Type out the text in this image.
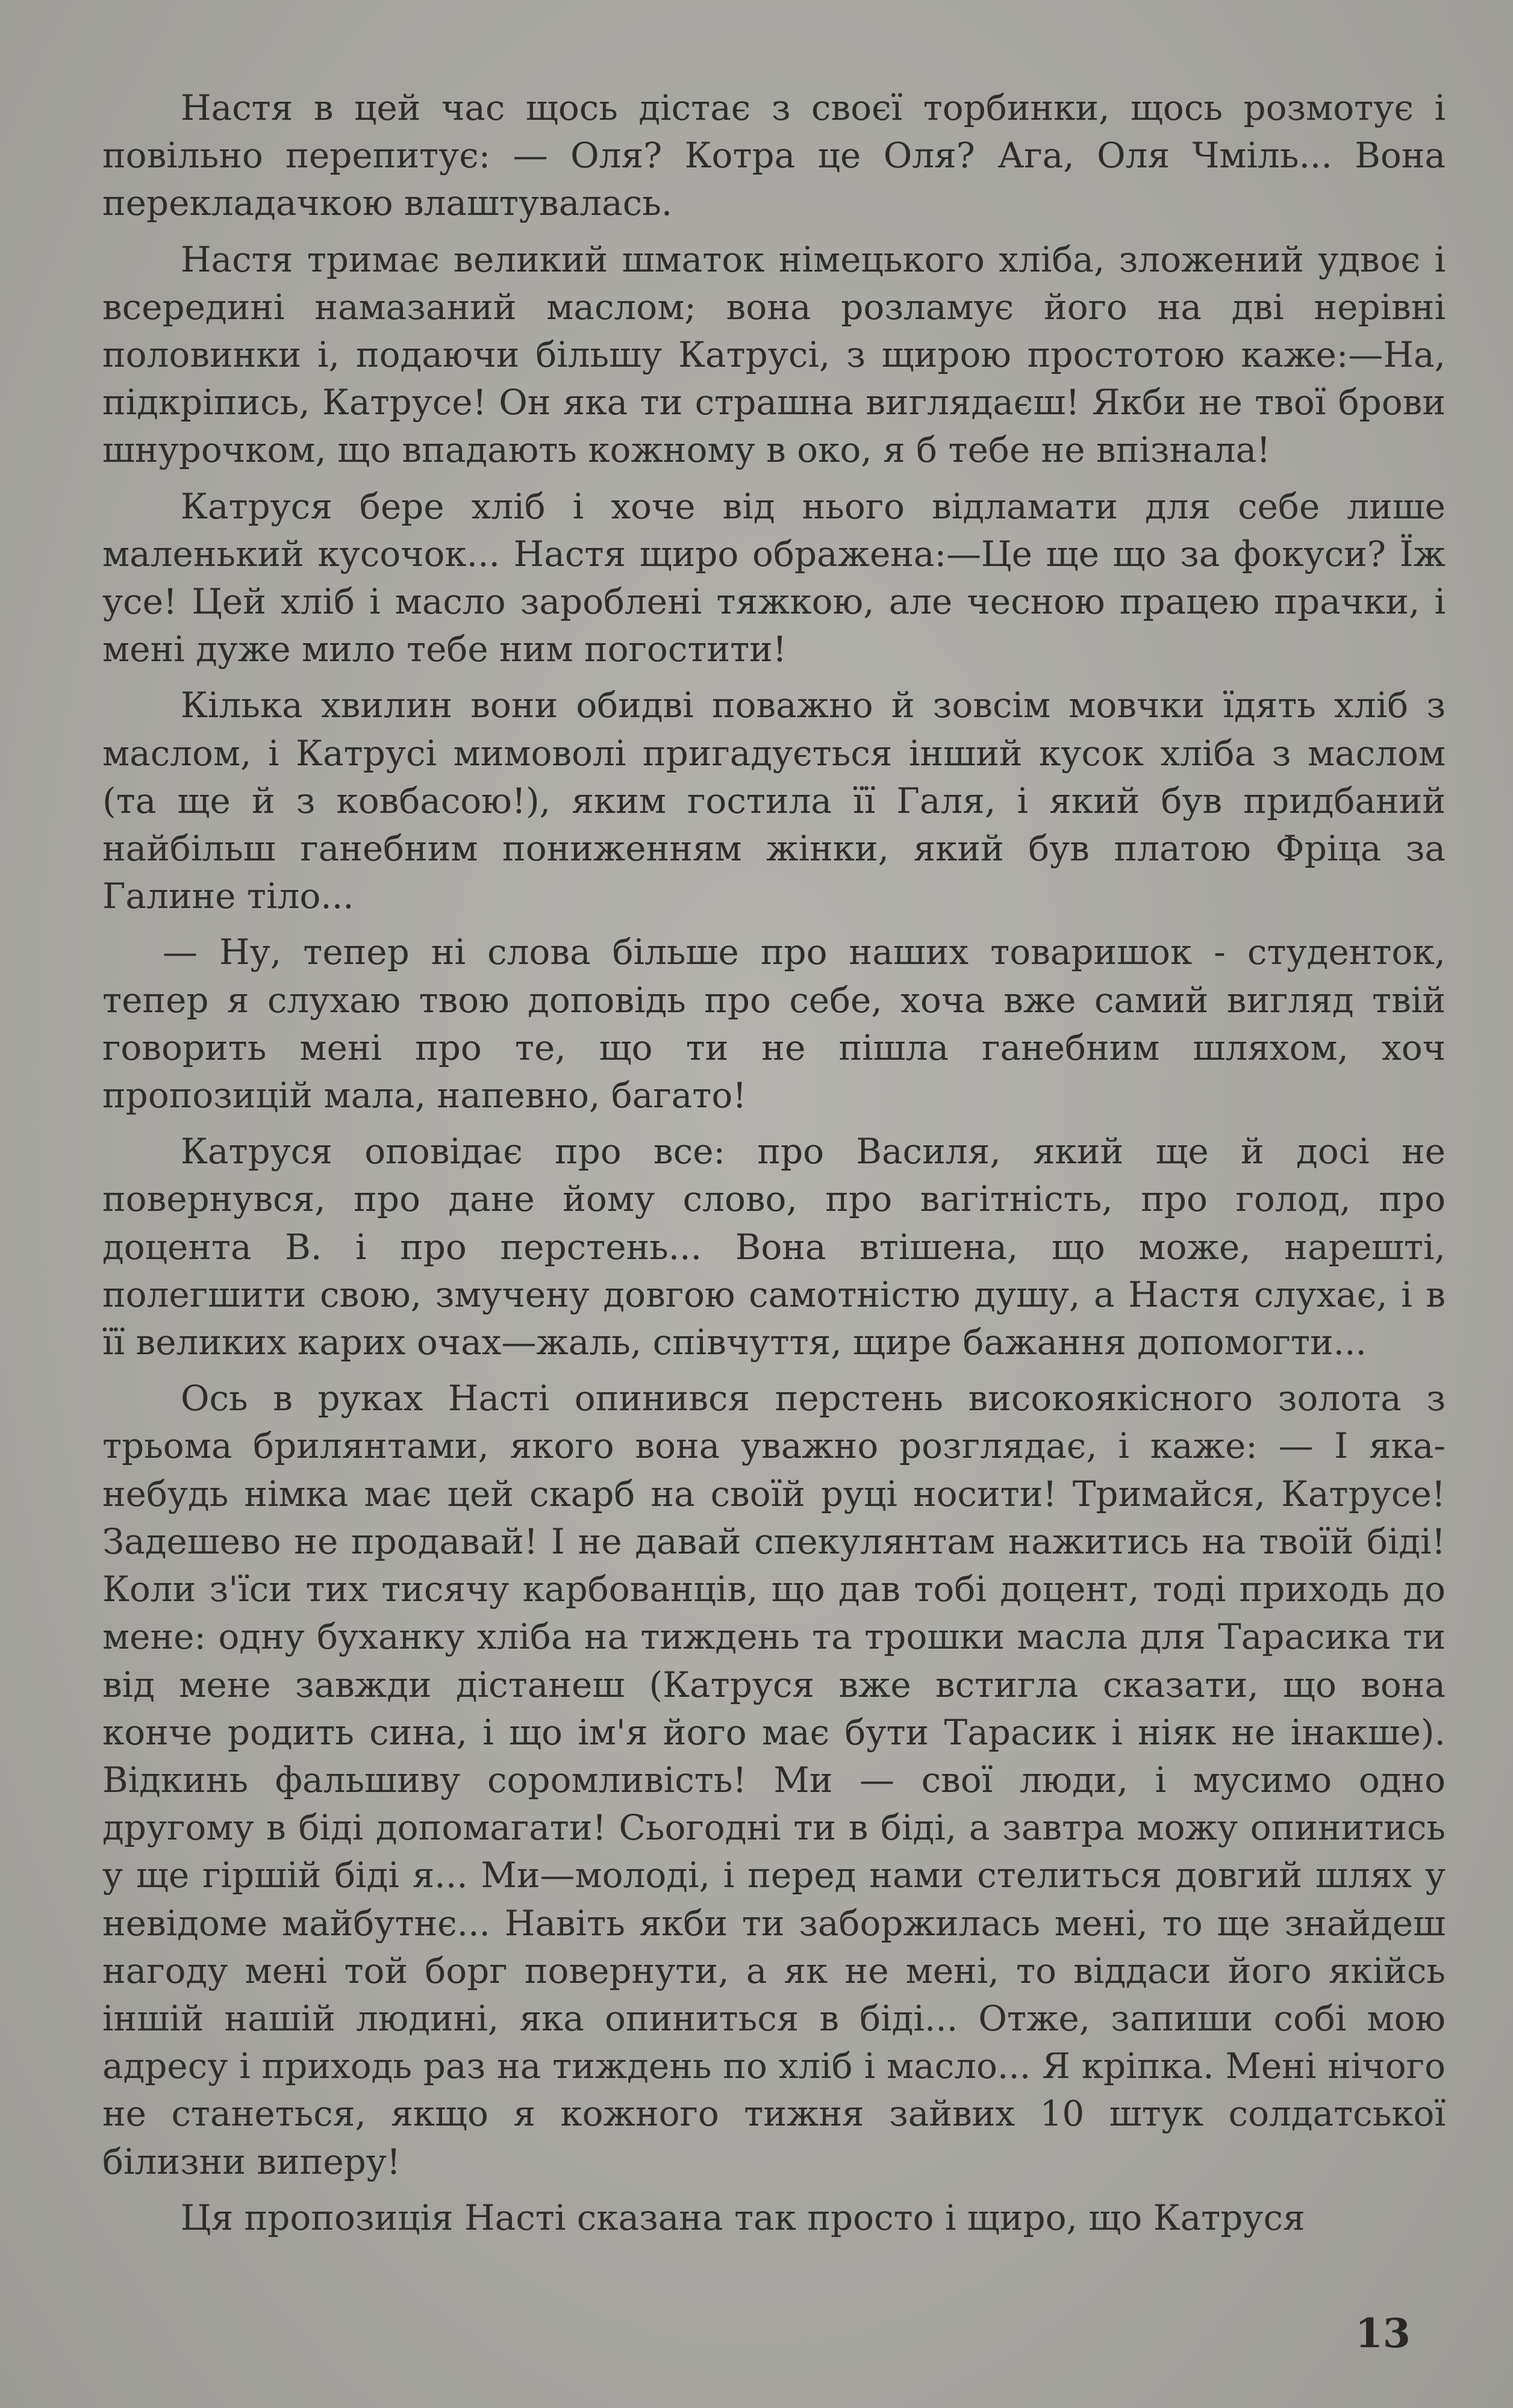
Настя в цей час щось дістає з своєї торбинки, щось розмотує і повільно перепитує: — Оля? Котра це Оля? Ага, Оля Чміль... Вона перекладачкою влаштувалась.

Настя тримає великий шматок німецького хліба, зложений удвоє і всередині намазаний маслом; вона розламує його на дві нерівні половинки і, подаючи більшу Катрусі, з щирою простотою каже:—На, підкріпись, Катрусе! Он яка ти страшна виглядаєш! Якби не твої брови шнурочком, що впадають кожному в око, я б тебе не впізнала!

Катруся бере хліб і хоче від нього відламати для себе лише маленький кусочок... Настя щиро ображена:—Це ще що за фокуси? Їж усе! Цей хліб і масло зароблені тяжкою, але чесною працею прачки, і мені дуже мило тебе ним погостити!

Кілька хвилин вони обидві поважно й зовсім мовчки їдять хліб з маслом, і Катрусі мимоволі пригадується інший кусок хліба з маслом (та ще й з ковбасою!), яким гостила її Галя, і який був придбаний найбільш ганебним пониженням жінки, який був платою Фріца за Галине тіло...

— Ну, тепер ні слова більше про наших товаришок - студенток, тепер я слухаю твою доповідь про себе, хоча вже самий вигляд твій говорить мені про те, що ти не пішла ганебним шляхом, хоч пропозицій мала, напевно, багато!

Катруся оповідає про все: про Василя, який ще й досі не повернувся, про дане йому слово, про вагітність, про голод, про доцента В. і про перстень... Вона втішена, що може, нарешті, полегшити свою, змучену довгою самотністю душу, а Настя слухає, і в її великих карих очах—жаль, співчуття, щире бажання допомогти...

Ось в руках Насті опинився перстень високоякісного золота з трьома брилянтами, якого вона уважно розглядає, і каже: — І яка-небудь німка має цей скарб на своїй руці носити! Тримайся, Катрусе! Задешево не продавай! І не давай спекулянтам нажитись на твоїй біді! Коли з'їси тих тисячу карбованців, що дав тобі доцент, тоді приходь до мене: одну буханку хліба на тиждень та трошки масла для Тарасика ти від мене завжди дістанеш (Катруся вже встигла сказати, що вона конче родить сина, і що ім'я його має бути Тарасик і ніяк не інакше). Відкинь фальшиву соромливість! Ми — свої люди, і мусимо одно другому в біді допомагати! Сьогодні ти в біді, а завтра можу опинитись у ще гіршій біді я... Ми—молоді, і перед нами стелиться довгий шлях у невідоме майбутнє... Навіть якби ти заборжилась мені, то ще знайдеш нагоду мені той борг повернути, а як не мені, то віддаси його якійсь іншій нашій людині, яка опиниться в біді... Отже, запиши собі мою адресу і приходь раз на тиждень по хліб і масло... Я кріпка. Мені нічого не станеться, якщо я кожного тижня зайвих 10 штук солдатської білизни виперу!

Ця пропозиція Насті сказана так просто і щиро, що Катруся

13
